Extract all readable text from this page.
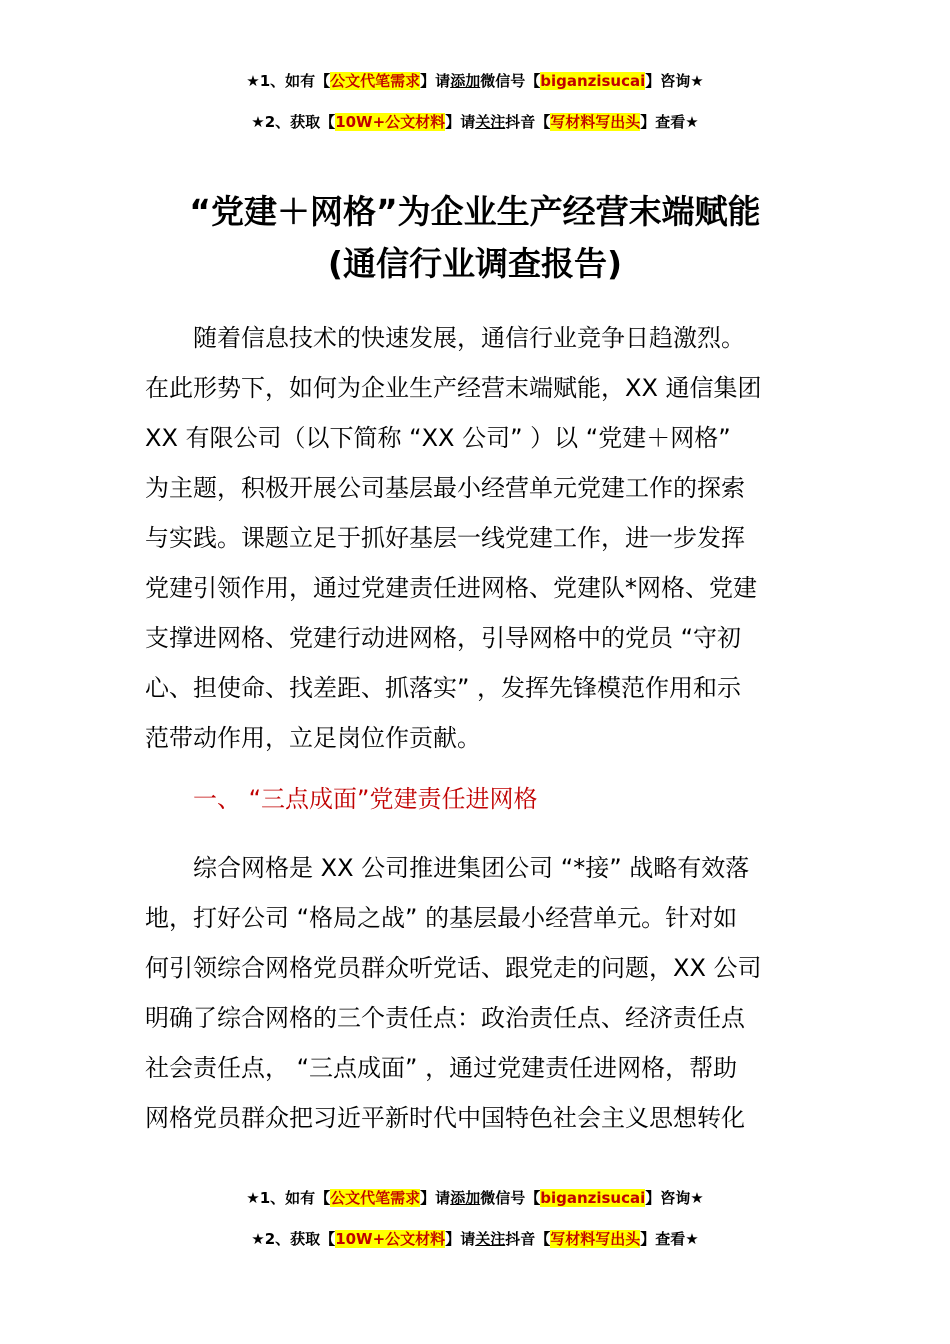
★1、如有【公文代笔需求】请添加微信号【biganzisucai】咨询★
★2、获取【10W+公文材料】请关注抖音【写材料写出头】查看★
“党建＋网格”为企业生产经营末端赋能
(通信行业调查报告)
随着信息技术的快速发展，通信行业竞争日趋激烈。
在此形势下，如何为企业生产经营末端赋能，XX 通信集团
XX 有限公司（以下简称 “XX 公司” ）以 “党建＋网格”
为主题，积极开展公司基层最小经营单元党建工作的探索
与实践。课题立足于抓好基层一线党建工作，进一步发挥
党建引领作用，通过党建责任进网格、党建队*网格、党建
支撑进网格、党建行动进网格，引导网格中的党员 “守初
心、担使命、找差距、抓落实” ，发挥先锋模范作用和示
范带动作用，立足岗位作贡献。
一、 “三点成面”党建责任进网格
综合网格是 XX 公司推进集团公司 “*接” 战略有效落
地，打好公司 “格局之战” 的基层最小经营单元。针对如
何引领综合网格党员群众听党话、跟党走的问题，XX 公司
明确了综合网格的三个责任点：政治责任点、经济责任点
社会责任点， “三点成面” ，通过党建责任进网格，帮助
网格党员群众把习近平新时代中国特色社会主义思想转化
★1、如有【公文代笔需求】请添加微信号【biganzisucai】咨询★
★2、获取【10W+公文材料】请关注抖音【写材料写出头】查看★
